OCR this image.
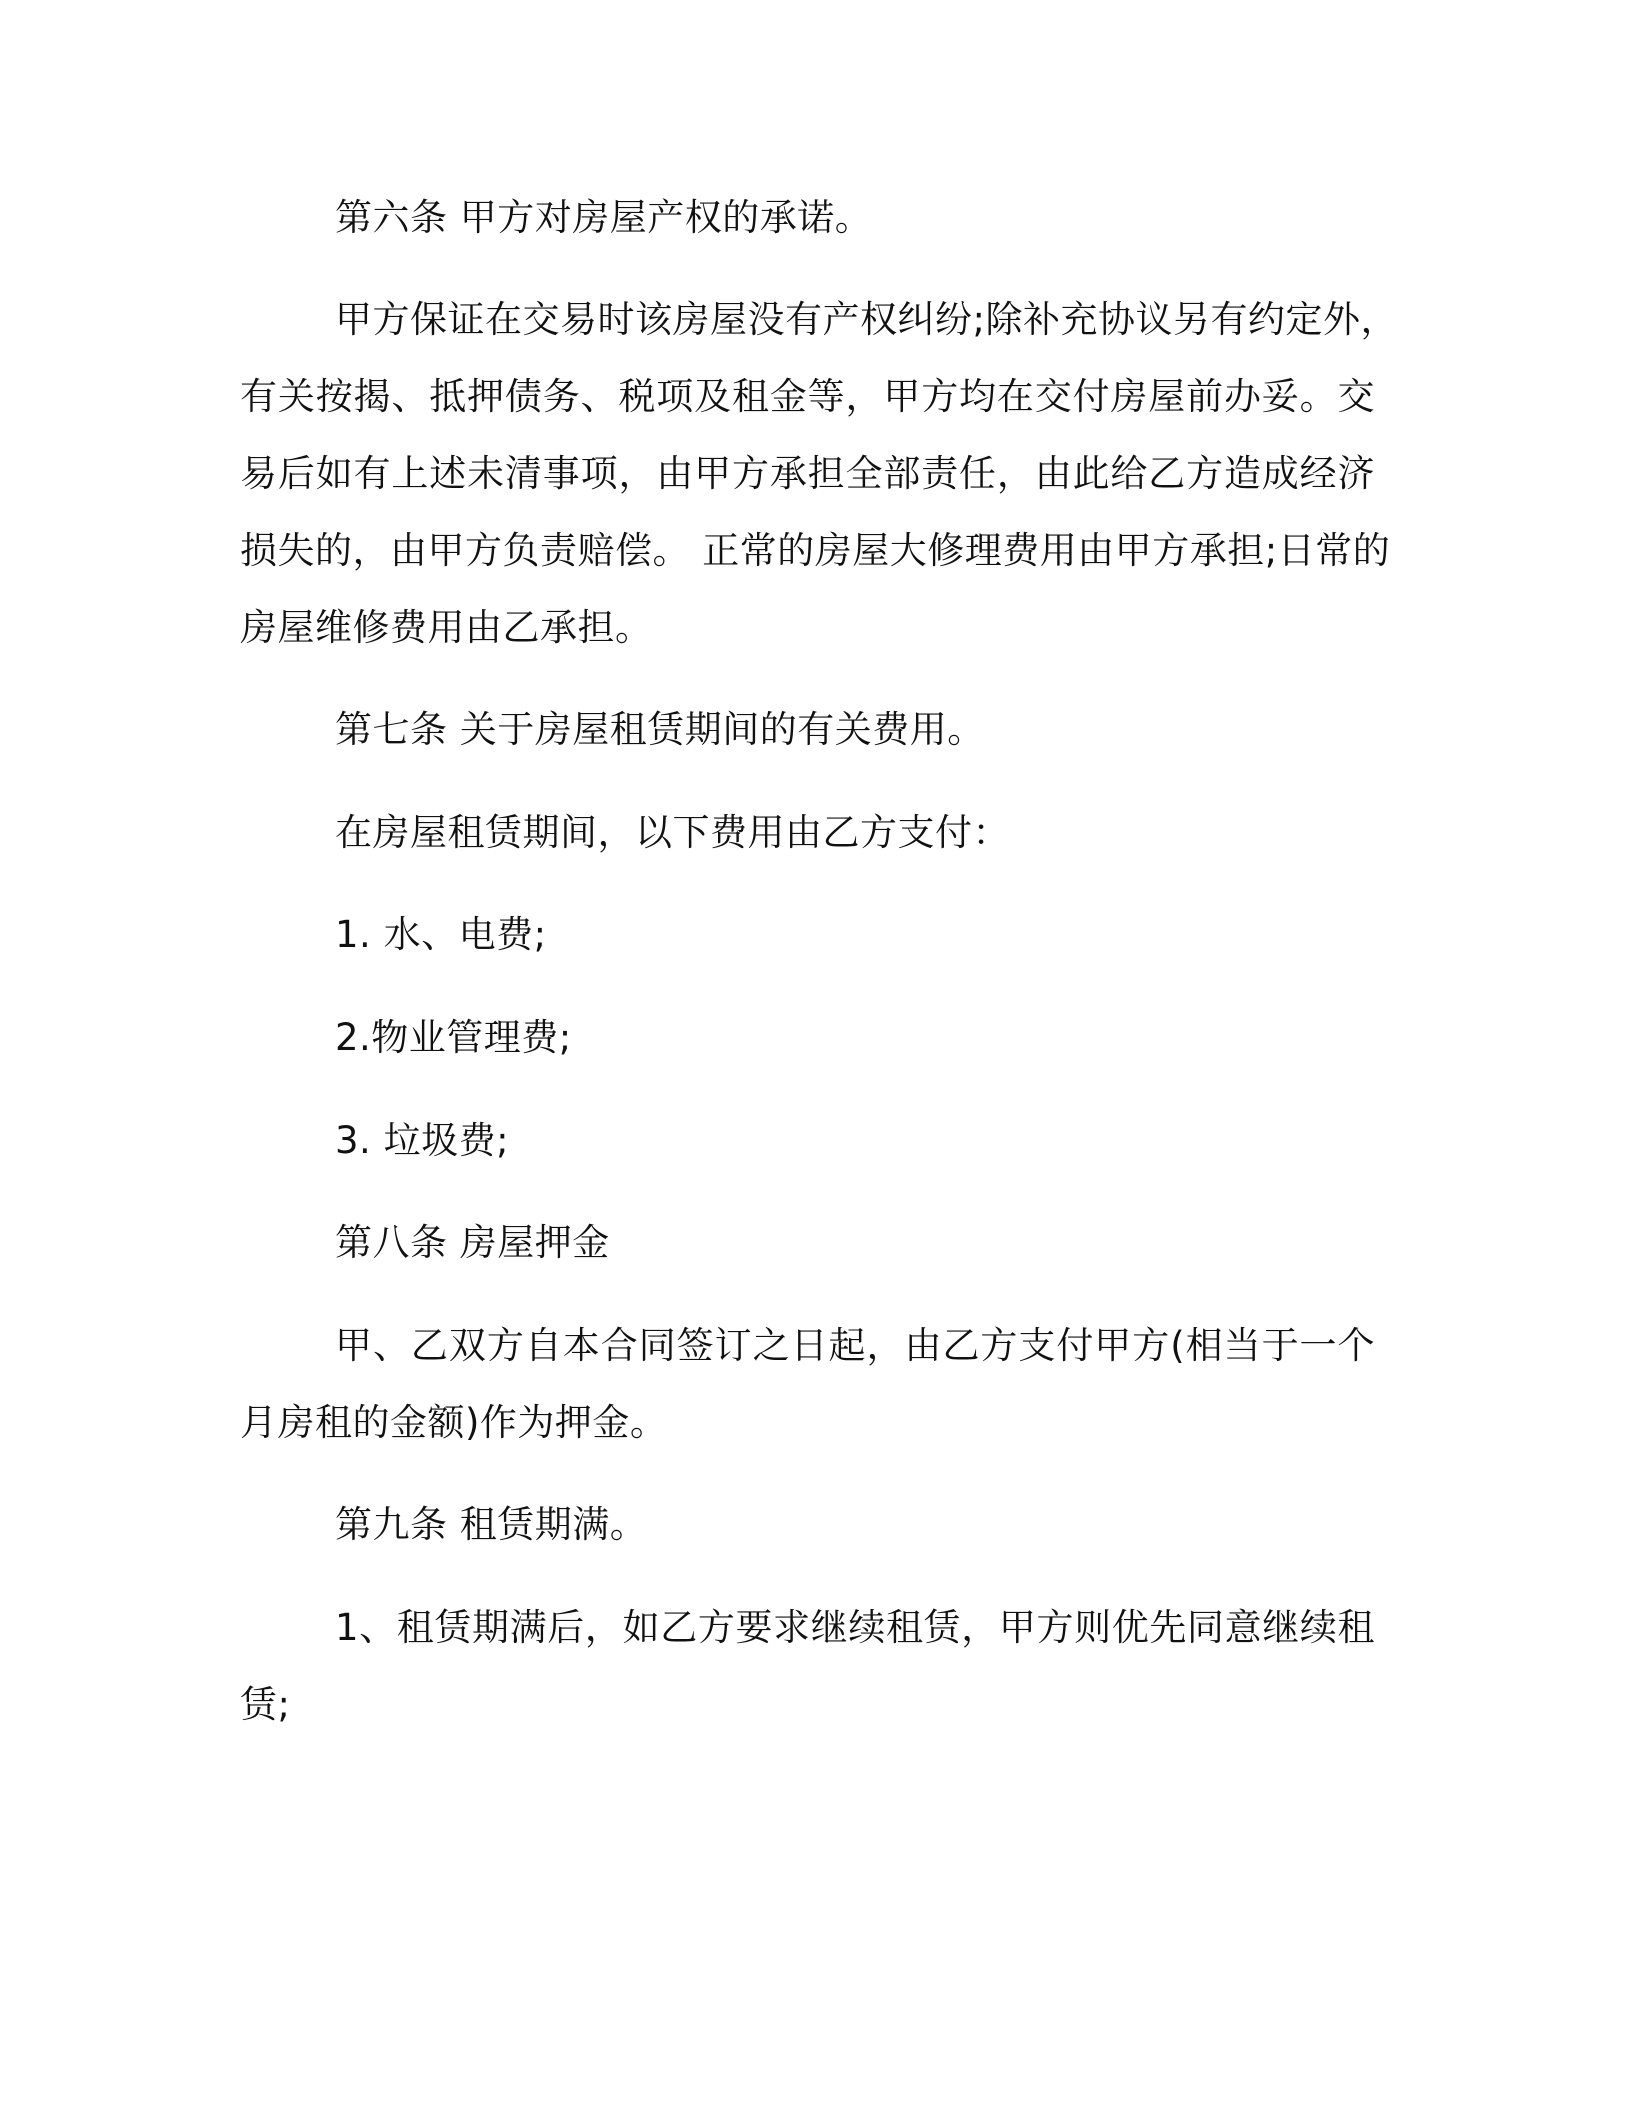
第六条 甲方对房屋产权的承诺。
甲方保证在交易时该房屋没有产权纠纷;除补充协议另有约定外，
有关按揭、抵押债务、税项及租金等，甲方均在交付房屋前办妥。交
易后如有上述未清事项，由甲方承担全部责任，由此给乙方造成经济
损失的，由甲方负责赔偿。 正常的房屋大修理费用由甲方承担;日常的
房屋维修费用由乙承担。
第七条 关于房屋租赁期间的有关费用。
在房屋租赁期间，以下费用由乙方支付：
1. 水、电费;
2.物业管理费;
3. 垃圾费;
第八条 房屋押金
甲、乙双方自本合同签订之日起，由乙方支付甲方(相当于一个
月房租的金额)作为押金。
第九条 租赁期满。
1、租赁期满后，如乙方要求继续租赁，甲方则优先同意继续租
赁;
